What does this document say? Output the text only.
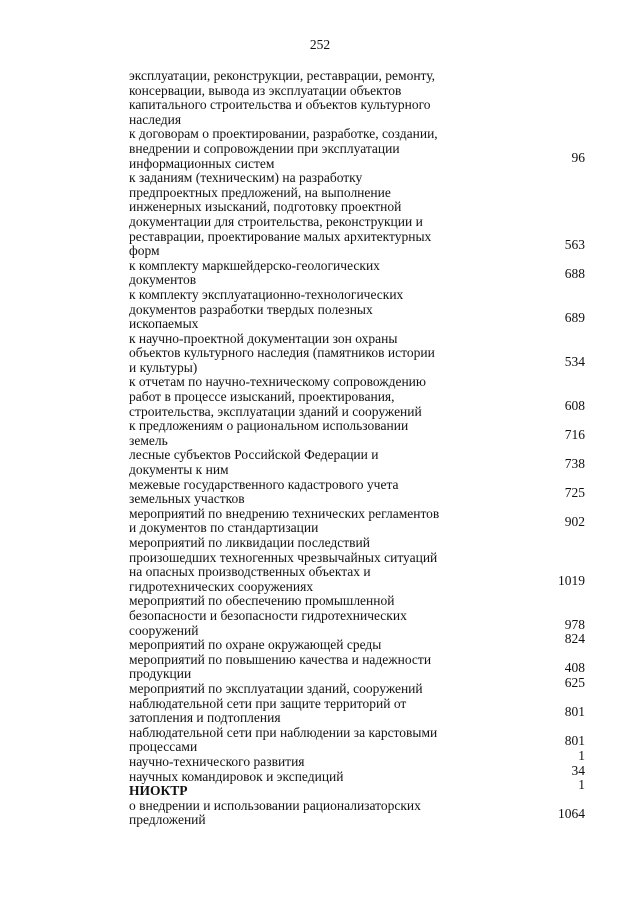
252
эксплуатации, реконструкции, реставрации, ремонту,
консервации, вывода из эксплуатации объектов
капитального строительства и объектов культурного
наследия
к договорам о проектировании, разработке, создании,
внедрении и сопровождении при эксплуатации
информационных систем	96
к заданиям (техническим) на разработку
предпроектных предложений, на выполнение
инженерных изысканий, подготовку проектной
документации для строительства, реконструкции и
реставрации, проектирование малых архитектурных
форм	563
к комплекту маркшейдерско-геологических
документов	688
к комплекту эксплуатационно-технологических
документов разработки твердых полезных
ископаемых	689
к научно-проектной документации зон охраны
объектов культурного наследия (памятников истории
и культуры)	534
к отчетам по научно-техническому сопровождению
работ в процессе изысканий, проектирования,
строительства, эксплуатации зданий и сооружений	608
к предложениям о рациональном использовании
земель	716
лесные субъектов Российской Федерации и
документы к ним	738
межевые государственного кадастрового учета
земельных участков	725
мероприятий по внедрению технических регламентов
и документов по стандартизации	902
мероприятий по ликвидации последствий
произошедших техногенных чрезвычайных ситуаций
на опасных производственных объектах и
гидротехнических сооружениях	1019
мероприятий по обеспечению промышленной
безопасности и безопасности гидротехнических
сооружений	978
мероприятий по охране окружающей среды	824
мероприятий по повышению качества и надежности
продукции	408
мероприятий по эксплуатации зданий, сооружений	625
наблюдательной сети при защите территорий от
затопления и подтопления	801
наблюдательной сети при наблюдении за карстовыми
процессами	801
научно-технического развития	1
научных командировок и экспедиций	34
НИОКТР	1
о внедрении и использовании рационализаторских
предложений	1064
